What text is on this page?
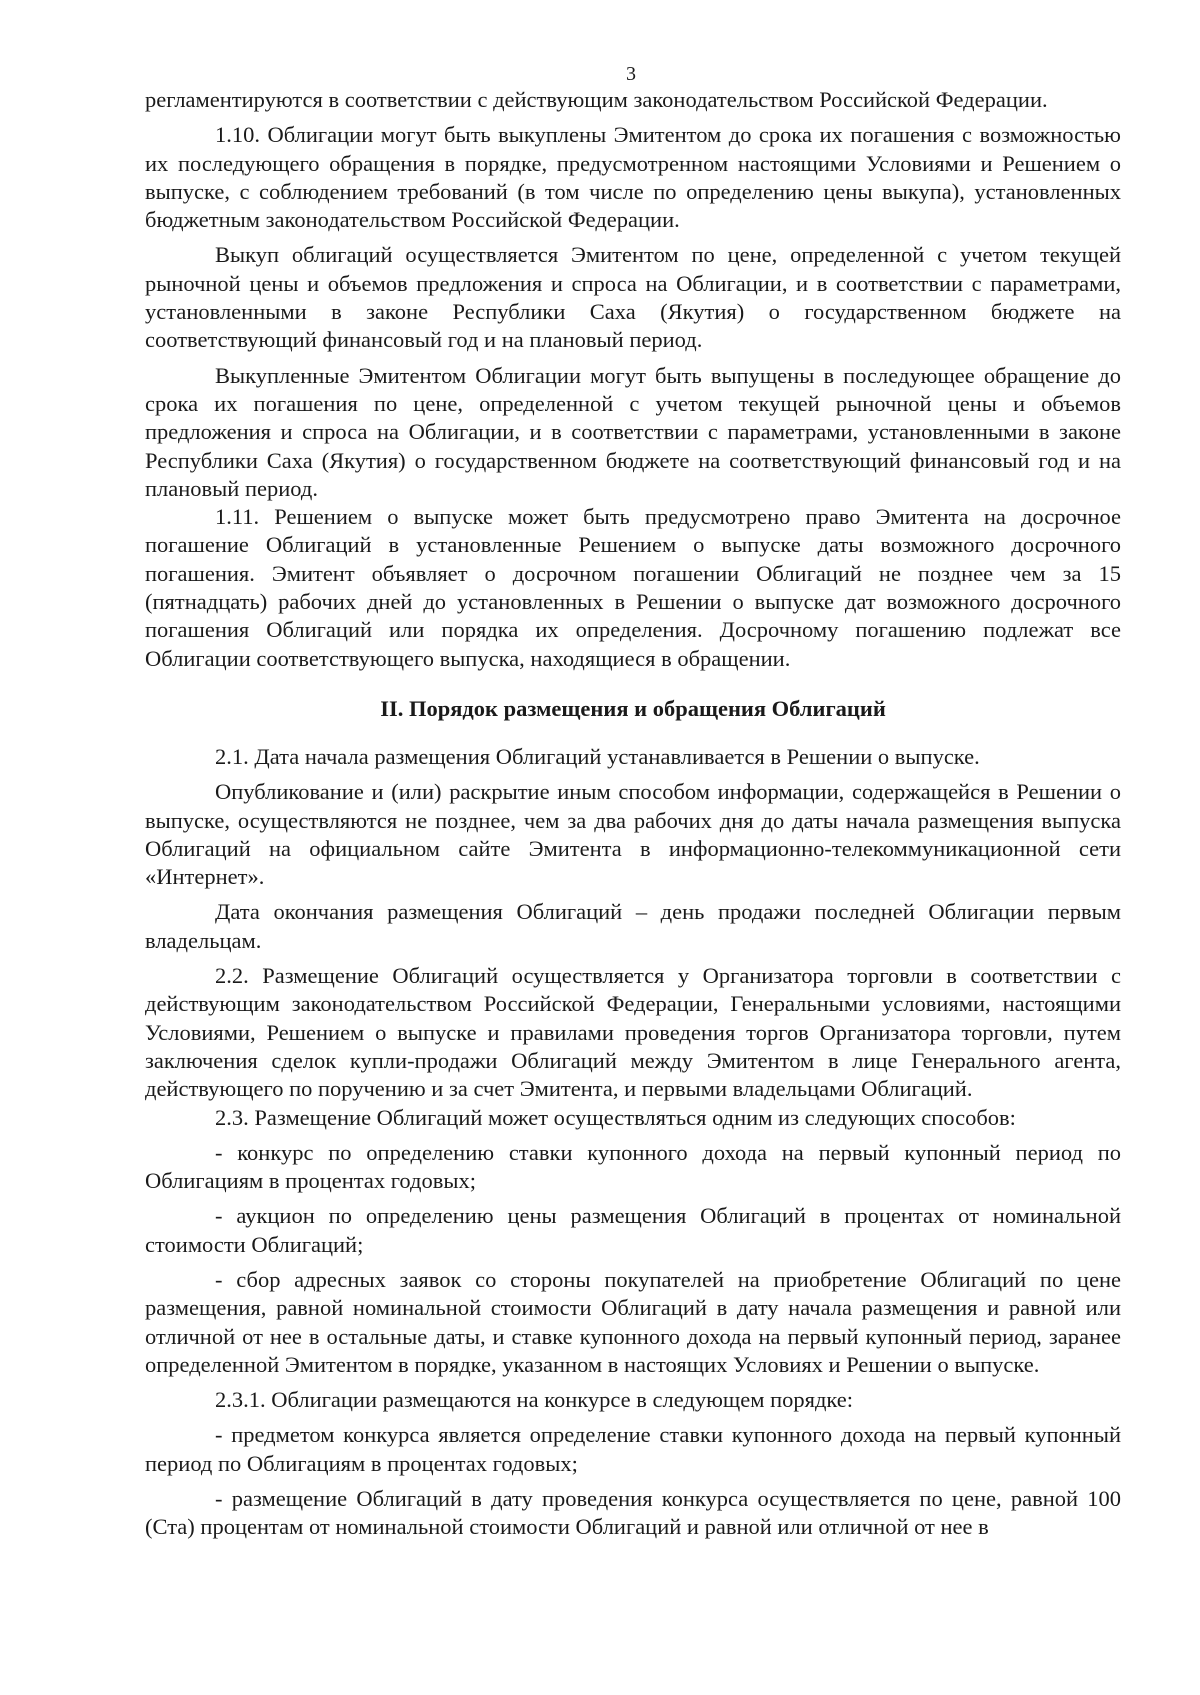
3

регламентируются в соответствии с действующим законодательством Российской Федерации.

1.10. Облигации могут быть выкуплены Эмитентом до срока их погашения с возможностью их последующего обращения в порядке, предусмотренном настоящими Условиями и Решением о выпуске, с соблюдением требований (в том числе по определению цены выкупа), установленных бюджетным законодательством Российской Федерации.

Выкуп облигаций осуществляется Эмитентом по цене, определенной с учетом текущей рыночной цены и объемов предложения и спроса на Облигации, и в соответствии с параметрами, установленными в законе Республики Саха (Якутия) о государственном бюджете на соответствующий финансовый год и на плановый период.

Выкупленные Эмитентом Облигации могут быть выпущены в последующее обращение до срока их погашения по цене, определенной с учетом текущей рыночной цены и объемов предложения и спроса на Облигации, и в соответствии с параметрами, установленными в законе Республики Саха (Якутия) о государственном бюджете на соответствующий финансовый год и на плановый период.

1.11. Решением о выпуске может быть предусмотрено право Эмитента на досрочное погашение Облигаций в установленные Решением о выпуске даты возможного досрочного погашения. Эмитент объявляет о досрочном погашении Облигаций не позднее чем за 15 (пятнадцать) рабочих дней до установленных в Решении о выпуске дат возможного досрочного погашения Облигаций или порядка их определения. Досрочному погашению подлежат все Облигации соответствующего выпуска, находящиеся в обращении.

II. Порядок размещения и обращения Облигаций

2.1. Дата начала размещения Облигаций устанавливается в Решении о выпуске.

Опубликование и (или) раскрытие иным способом информации, содержащейся в Решении о выпуске, осуществляются не позднее, чем за два рабочих дня до даты начала размещения выпуска Облигаций на официальном сайте Эмитента в информационно-телекоммуникационной сети «Интернет».

Дата окончания размещения Облигаций – день продажи последней Облигации первым владельцам.

2.2. Размещение Облигаций осуществляется у Организатора торговли в соответствии с действующим законодательством Российской Федерации, Генеральными условиями, настоящими Условиями, Решением о выпуске и правилами проведения торгов Организатора торговли, путем заключения сделок купли-продажи Облигаций между Эмитентом в лице Генерального агента, действующего по поручению и за счет Эмитента, и первыми владельцами Облигаций.

2.3. Размещение Облигаций может осуществляться одним из следующих способов:

- конкурс по определению ставки купонного дохода на первый купонный период по Облигациям в процентах годовых;

- аукцион по определению цены размещения Облигаций в процентах от номинальной стоимости Облигаций;

- сбор адресных заявок со стороны покупателей на приобретение Облигаций по цене размещения, равной номинальной стоимости Облигаций в дату начала размещения и равной или отличной от нее в остальные даты, и ставке купонного дохода на первый купонный период, заранее определенной Эмитентом в порядке, указанном в настоящих Условиях и Решении о выпуске.

2.3.1. Облигации размещаются на конкурсе в следующем порядке:

- предметом конкурса является определение ставки купонного дохода на первый купонный период по Облигациям в процентах годовых;

- размещение Облигаций в дату проведения конкурса осуществляется по цене, равной 100 (Ста) процентам от номинальной стоимости Облигаций и равной или отличной от нее в
